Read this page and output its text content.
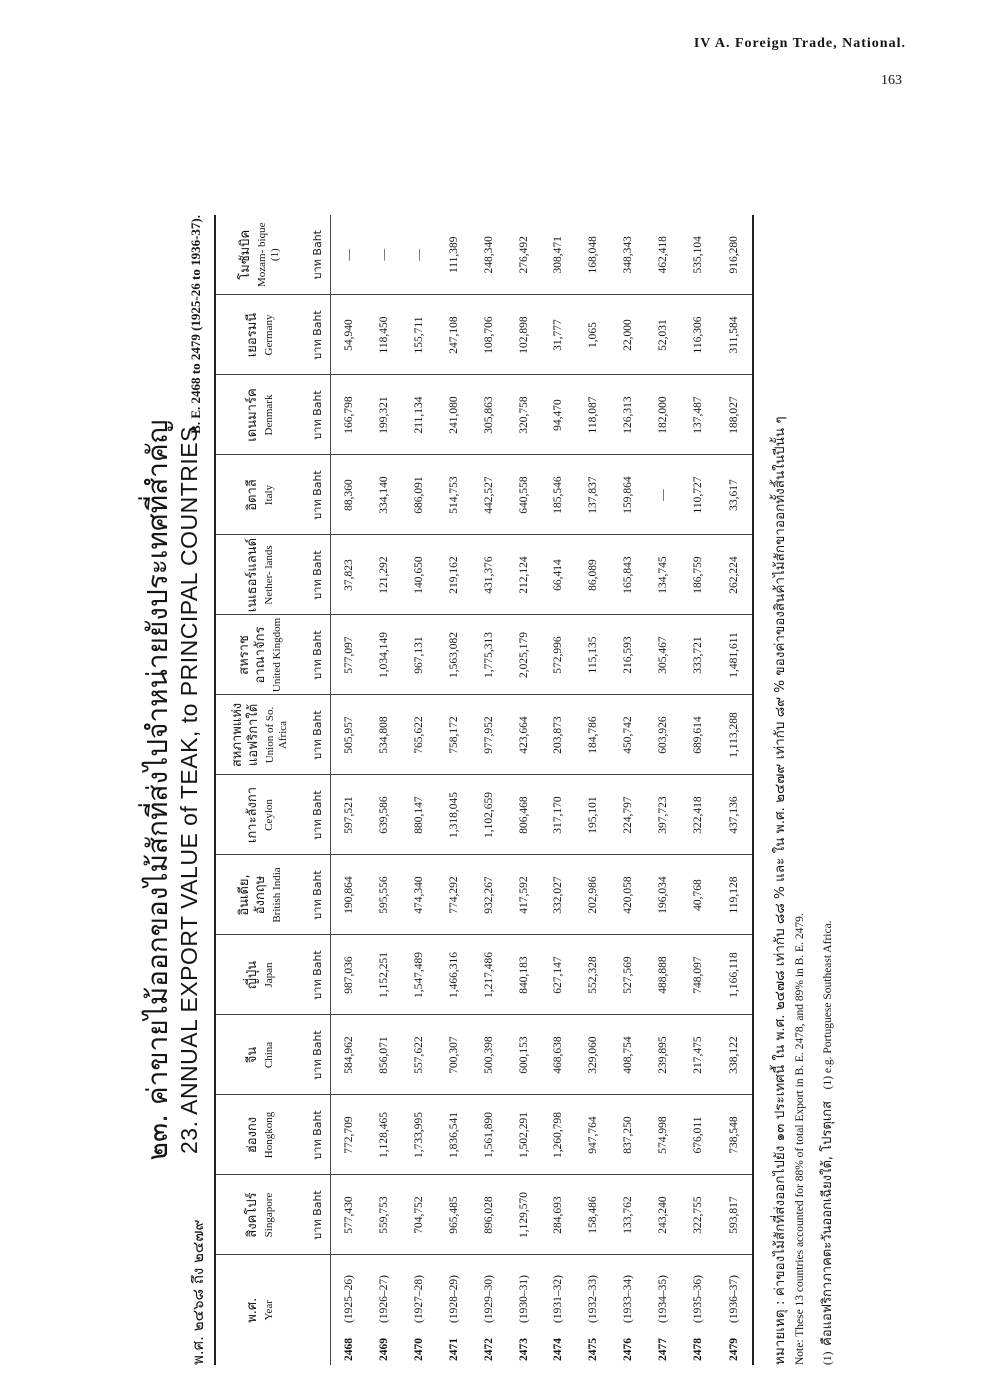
IV A. Foreign Trade, National.
163
๒๓. ค่าขายไม้ออกของไม้สักที่ส่งไปจำหน่ายยังประเทศที่สำคัญ 23. ANNUAL EXPORT VALUE of TEAK, to PRINCIPAL COUNTRIES
พ.ศ. ๒๔๖๘ ถึง ๒๔๗๙
B. E. 2468 to 2479 (1925-26 to 1936-37).
พ.ศ. Year	สิงคโปร์ Singapore	ฮ่องกง Hongkong	จีน China	ญี่ปุ่น Japan	อินเดีย, อังกฤษ British India	เกาะลังกา Ceylon	สหภาพแห่งแอฟริกาใต้ Union of So. Africa	สหราชอาณาจักร United Kingdom	เนเธอร์แลนด์ Nether- lands	อิตาลี Italy	เดนมาร์ค Denmark	เยอรมนี Germany	โมซัมบิค Mozam- bique (1)

	บาท Baht	บาท Baht	บาท Baht	บาท Baht	บาท Baht	บาท Baht	บาท Baht	บาท Baht	บาท Baht	บาท Baht	บาท Baht	บาท Baht	บาท Baht
2468(1925–26)	577,430	772,709	584,962	987,036	190,864	597,521	505,957	577,097	37,823	88,360	166,798	54,940	—
2469(1926–27)	559,753	1,128,465	856,071	1,152,251	595,556	639,586	534,808	1,034,149	121,292	334,140	199,321	118,450	—
2470(1927–28)	704,752	1,733,995	557,622	1,547,489	474,340	880,147	765,622	967,131	140,650	686,091	211,134	155,711	—
2471(1928–29)	965,485	1,836,541	700,307	1,466,316	774,292	1,318,045	758,172	1,563,082	219,162	514,753	241,080	247,108	111,389
2472(1929–30)	896,028	1,561,890	500,398	1,217,486	932,267	1,102,659	977,952	1,775,313	431,376	442,527	305,863	108,706	248,340
2473(1930–31)	1,129,570	1,502,291	600,153	840,183	417,592	806,468	423,664	2,025,179	212,124	640,558	320,758	102,898	276,492
2474(1931–32)	284,693	1,260,798	468,638	627,147	332,027	317,170	203,873	572,996	66,414	185,546	94,470	31,777	308,471
2475(1932–33)	158,486	947,764	329,060	552,328	202,986	195,101	184,786	115,135	86,089	137,837	118,087	1,065	168,048
2476(1933–34)	133,762	837,250	408,754	527,569	420,058	224,797	450,742	216,593	165,843	159,864	126,313	22,000	348,343
2477(1934–35)	243,240	574,998	239,895	488,888	196,034	397,723	603,926	305,467	134,745	—	182,000	52,031	462,418
2478(1935–36)	322,755	676,011	217,475	748,097	40,768	322,418	689,614	333,721	186,759	110,727	137,487	116,306	535,104
2479(1936–37)	593,817	738,548	338,122	1,166,118	119,128	437,136	1,113,288	1,481,611	262,224	33,617	188,027	311,584	916,280
หมายเหตุ : ค่าของไม้สักที่ส่งออกไปยัง ๑๓ ประเทศนี้ ใน พ.ศ. ๒๔๗๘ เท่ากับ ๘๘ % และ ใน พ.ศ. ๒๔๗๙ เท่ากับ ๘๙ % ของค่าของสินค้าไม้สักขาออกทั้งสิ้นในปีนั้น ๆ Note: These 13 countries accounted for 88% of total Export in B. E. 2478, and 89% in B. E. 2479.	(1)  คือแอฟริกาภาคตะวันออกเฉียงใต้, โปรตุเกส    (1) e.g. Portuguese Southeast Africa.
